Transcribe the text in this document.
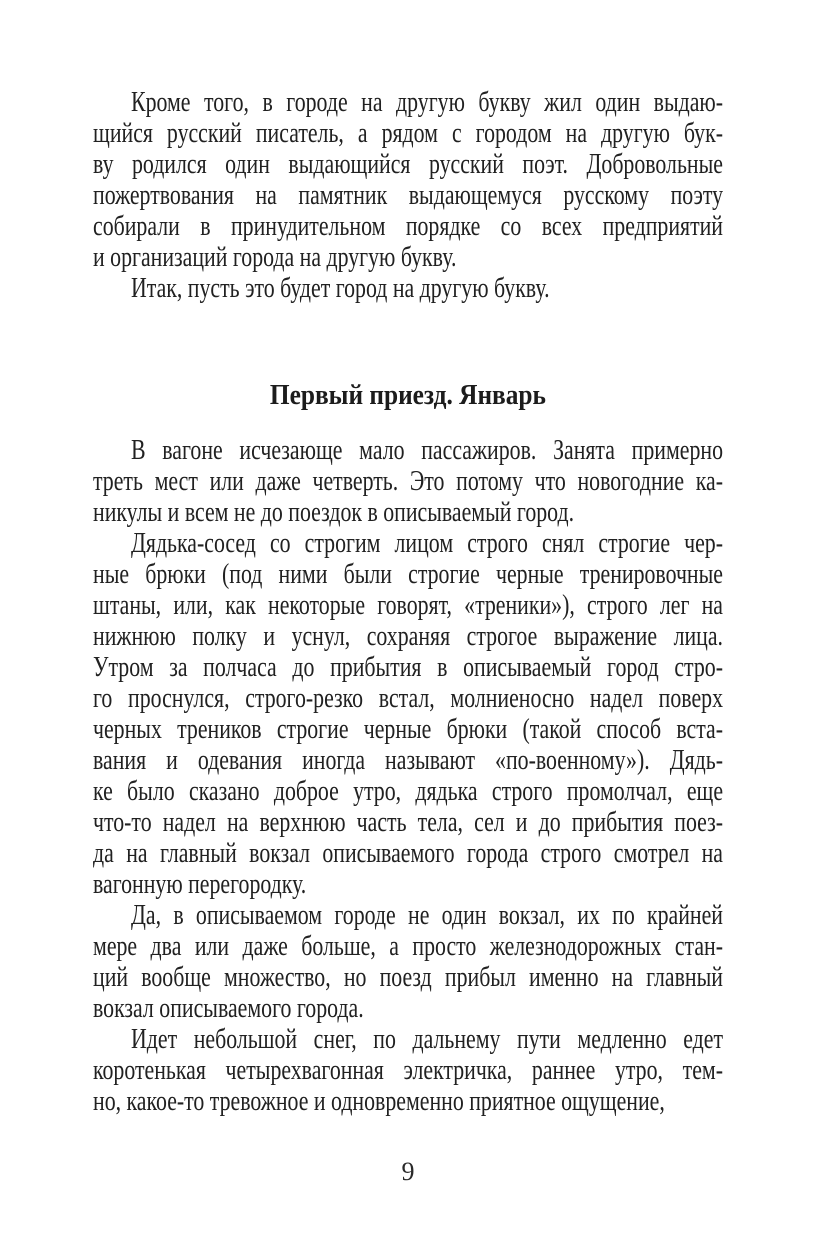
Кроме того, в городе на другую букву жил один выдаю-
щийся русский писатель, а рядом с городом на другую бук-
ву родился один выдающийся русский поэт. Добровольные
пожертвования на памятник выдающемуся русскому поэту
собирали в принудительном порядке со всех предприятий
и организаций города на другую букву.
Итак, пусть это будет город на другую букву.
Первый приезд. Январь
В вагоне исчезающе мало пассажиров. Занята примерно
треть мест или даже четверть. Это потому что новогодние ка-
никулы и всем не до поездок в описываемый город.
Дядька-сосед со строгим лицом строго снял строгие чер-
ные брюки (под ними были строгие черные тренировочные
штаны, или, как некоторые говорят, «треники»), строго лег на
нижнюю полку и уснул, сохраняя строгое выражение лица.
Утром за полчаса до прибытия в описываемый город стро-
го проснулся, строго-резко встал, молниеносно надел поверх
черных треников строгие черные брюки (такой способ вста-
вания и одевания иногда называют «по-военному»). Дядь-
ке было сказано доброе утро, дядька строго промолчал, еще
что-то надел на верхнюю часть тела, сел и до прибытия поез-
да на главный вокзал описываемого города строго смотрел на
вагонную перегородку.
Да, в описываемом городе не один вокзал, их по крайней
мере два или даже больше, а просто железнодорожных стан-
ций вообще множество, но поезд прибыл именно на главный
вокзал описываемого города.
Идет небольшой снег, по дальнему пути медленно едет
коротенькая четырехвагонная электричка, раннее утро, тем-
но, какое-то тревожное и одновременно приятное ощущение,
9
